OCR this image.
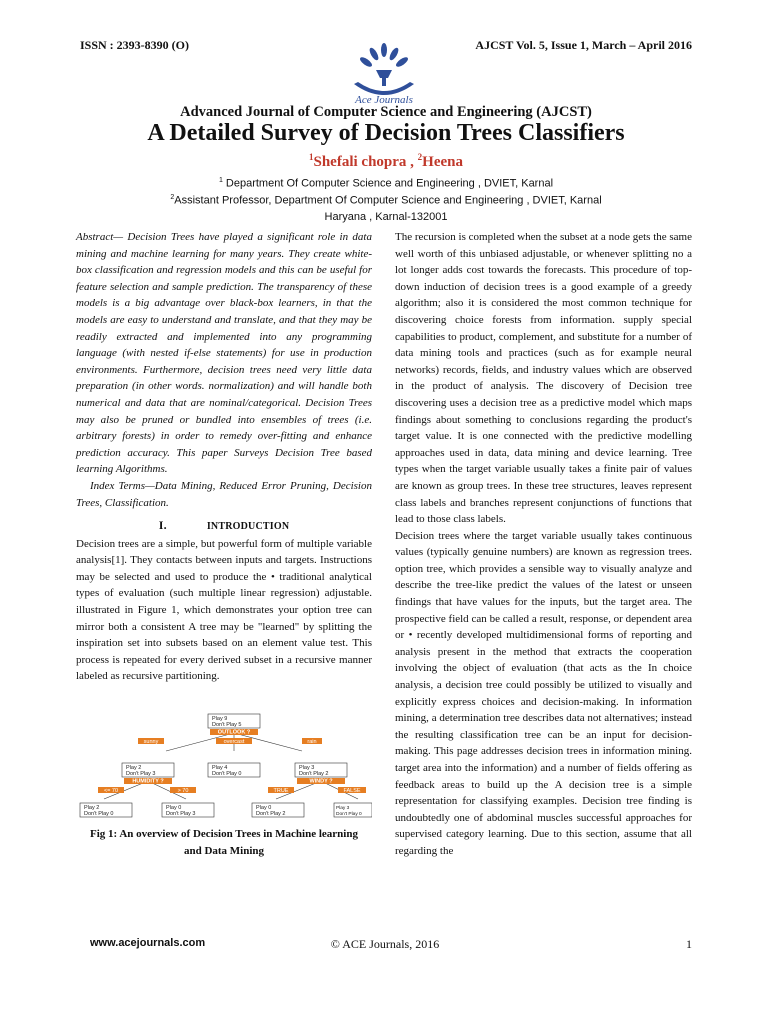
ISSN : 2393-8390 (O)	AJCST Vol. 5, Issue 1, March – April 2016
Ace Journals
Advanced Journal of Computer Science and Engineering (AJCST)
A Detailed Survey of Decision Trees Classifiers
$^1$Shefali chopra , $^2$Heena
$^1$ Department Of Computer Science and Engineering , DVIET, Karnal
$^2$Assistant Professor, Department Of Computer Science and Engineering , DVIET, Karnal
Haryana , Karnal-132001

Abstract— Decision Trees have played a significant role in data mining and machine learning for many years. They create white-box classification and regression models and this can be useful for feature selection and sample prediction. The transparency of these models is a big advantage over black-box learners, in that the models are easy to understand and translate, and that they may be readily extracted and implemented into any programming language (with nested if-else statements) for use in production environments. Furthermore, decision trees need very little data preparation (in other words. normalization) and will handle both numerical and data that are nominal/categorical. Decision Trees may also be pruned or bundled into ensembles of trees (i.e. arbitrary forests) in order to remedy over-fitting and enhance prediction accuracy. This paper Surveys Decision Tree based learning Algorithms.

Index Terms—Data Mining, Reduced Error Pruning, Decision Trees, Classification.

I.	INTRODUCTION

Decision trees are a simple, but powerful form of multiple variable analysis[1]. They contacts between inputs and targets. Instructions may be selected and used to produce the • traditional analytical types of evaluation (such multiple linear regression) adjustable. illustrated in Figure 1, which demonstrates your option tree can mirror both a consistent A tree may be "learned" by splitting the inspiration set into subsets based on an element value test. This process is repeated for every derived subset in a recursive manner labeled as recursive partitioning.

sunny	overcast	rain
<= 70	> 70	TRUE	FALSE
OUTLOOK ?
HUMIDITY ?	WINDY ?
Play 9
Don't Play 5
Play 2
Don't Play 3
Play 4
Don't Play 0
Play 3
Don't Play 2
Play 2
Don't Play 0
Play 0
Don't Play 3
Play 0
Don't Play 2
Play 3
Don't Play 0
Fig 1: An overview of Decision Trees in Machine learning
and Data Mining

The recursion is completed when the subset at a node gets the same well worth of this unbiased adjustable, or whenever splitting no a lot longer adds cost towards the forecasts. This procedure of top-down induction of decision trees is a good example of a greedy algorithm; also it is considered the most common technique for discovering choice forests from information. supply special capabilities to product, complement, and substitute for a number of data mining tools and practices (such as for example neural networks) records, fields, and industry values which are observed in the product of analysis. The discovery of Decision tree discovering uses a decision tree as a predictive model which maps findings about something to conclusions regarding the product's target value. It is one connected with the predictive modelling approaches used in data, data mining and device learning. Tree types when the target variable usually takes a finite pair of values are known as group trees. In these tree structures, leaves represent class labels and branches represent conjunctions of functions that lead to those class labels.

Decision trees where the target variable usually takes continuous values (typically genuine numbers) are known as regression trees. option tree, which provides a sensible way to visually analyze and describe the tree-like predict the values of the latest or unseen findings that have values for the inputs, but the target area. The prospective field can be called a result, response, or dependent area or • recently developed multidimensional forms of reporting and analysis present in the method that extracts the cooperation involving the object of evaluation (that acts as the In choice analysis, a decision tree could possibly be utilized to visually and explicitly express choices and decision-making. In information mining, a determination tree describes data not alternatives; instead the resulting classification tree can be an input for decision-making. This page addresses decision trees in information mining. target area into the information) and a number of fields offering as feedback areas to build up the A decision tree is a simple representation for classifying examples. Decision tree finding is undoubtedly one of abdominal muscles successful approaches for supervised category learning. Due to this section, assume that all regarding the

www.acejournals.com	© ACE Journals, 2016	1
